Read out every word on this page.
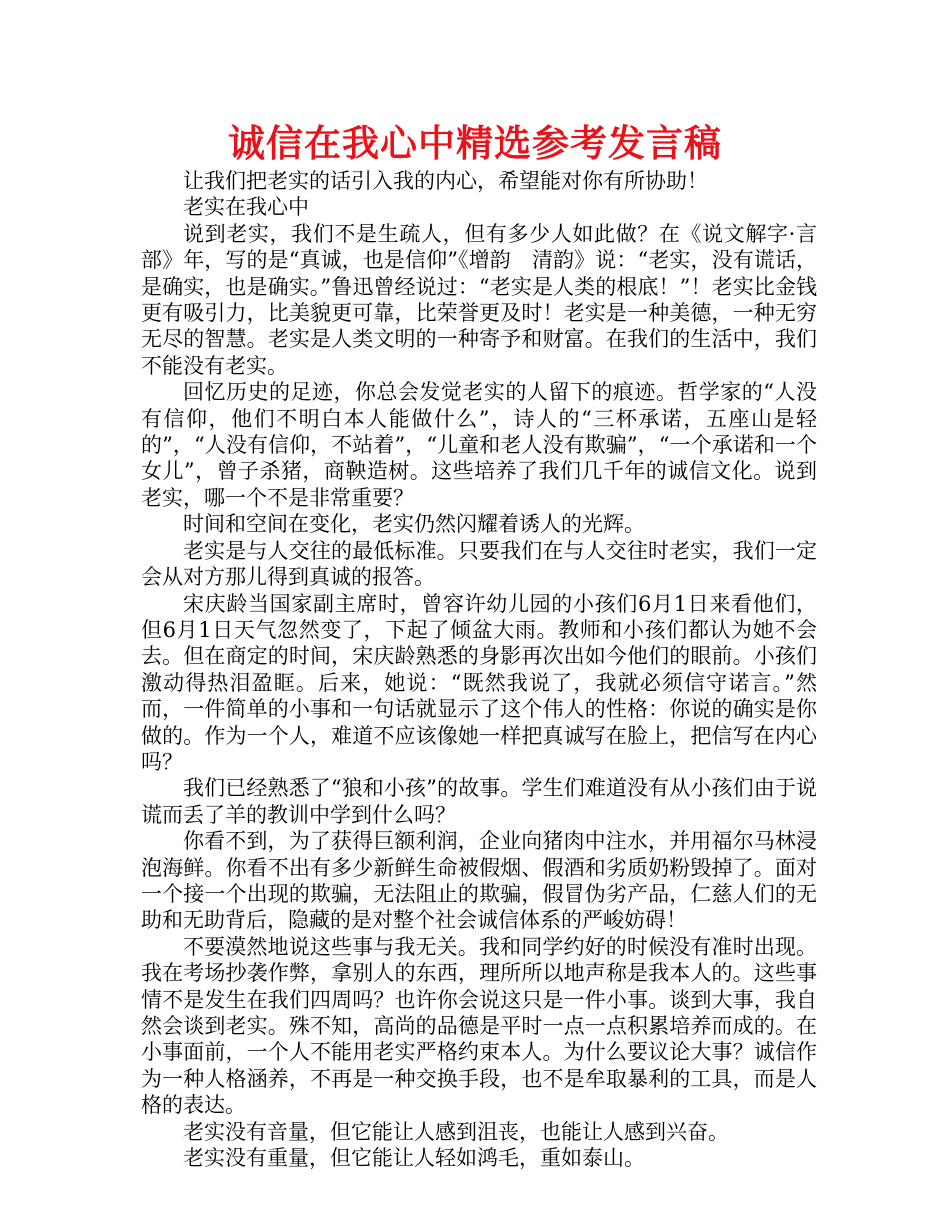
诚信在我心中精选参考发言稿

让我们把老实的话引入我的内心，希望能对你有所协助！

老实在我心中

说到老实，我们不是生疏人，但有多少人如此做？在《说文解字·言部》年，写的是“真诚，也是信仰”《增韵　清韵》说：“老实，没有谎话，是确实，也是确实。”鲁迅曾经说过：“老实是人类的根底！”！老实比金钱更有吸引力，比美貌更可靠，比荣誉更及时！老实是一种美德，一种无穷无尽的智慧。老实是人类文明的一种寄予和财富。在我们的生活中，我们不能没有老实。

回忆历史的足迹，你总会发觉老实的人留下的痕迹。哲学家的“人没有信仰，他们不明白本人能做什么”，诗人的“三杯承诺，五座山是轻的”，“人没有信仰，不站着”，“儿童和老人没有欺骗”，“一个承诺和一个女儿”，曾子杀猪，商鞅造树。这些培养了我们几千年的诚信文化。说到老实，哪一个不是非常重要？

时间和空间在变化，老实仍然闪耀着诱人的光辉。

老实是与人交往的最低标准。只要我们在与人交往时老实，我们一定会从对方那儿得到真诚的报答。

宋庆龄当国家副主席时，曾容许幼儿园的小孩们6月1日来看他们，但6月1日天气忽然变了，下起了倾盆大雨。教师和小孩们都认为她不会去。但在商定的时间，宋庆龄熟悉的身影再次出如今他们的眼前。小孩们激动得热泪盈眶。后来，她说：“既然我说了，我就必须信守诺言。”然而，一件简单的小事和一句话就显示了这个伟人的性格：你说的确实是你做的。作为一个人，难道不应该像她一样把真诚写在脸上，把信写在内心吗？

我们已经熟悉了“狼和小孩”的故事。学生们难道没有从小孩们由于说谎而丢了羊的教训中学到什么吗？

你看不到，为了获得巨额利润，企业向猪肉中注水，并用福尔马林浸泡海鲜。你看不出有多少新鲜生命被假烟、假酒和劣质奶粉毁掉了。面对一个接一个出现的欺骗，无法阻止的欺骗，假冒伪劣产品，仁慈人们的无助和无助背后，隐藏的是对整个社会诚信体系的严峻妨碍！

不要漠然地说这些事与我无关。我和同学约好的时候没有准时出现。我在考场抄袭作弊，拿别人的东西，理所所以地声称是我本人的。这些事情不是发生在我们四周吗？也许你会说这只是一件小事。谈到大事，我自然会谈到老实。殊不知，高尚的品德是平时一点一点积累培养而成的。在小事面前，一个人不能用老实严格约束本人。为什么要议论大事？诚信作为一种人格涵养，不再是一种交换手段，也不是牟取暴利的工具，而是人格的表达。

老实没有音量，但它能让人感到沮丧，也能让人感到兴奋。

老实没有重量，但它能让人轻如鸿毛，重如泰山。
